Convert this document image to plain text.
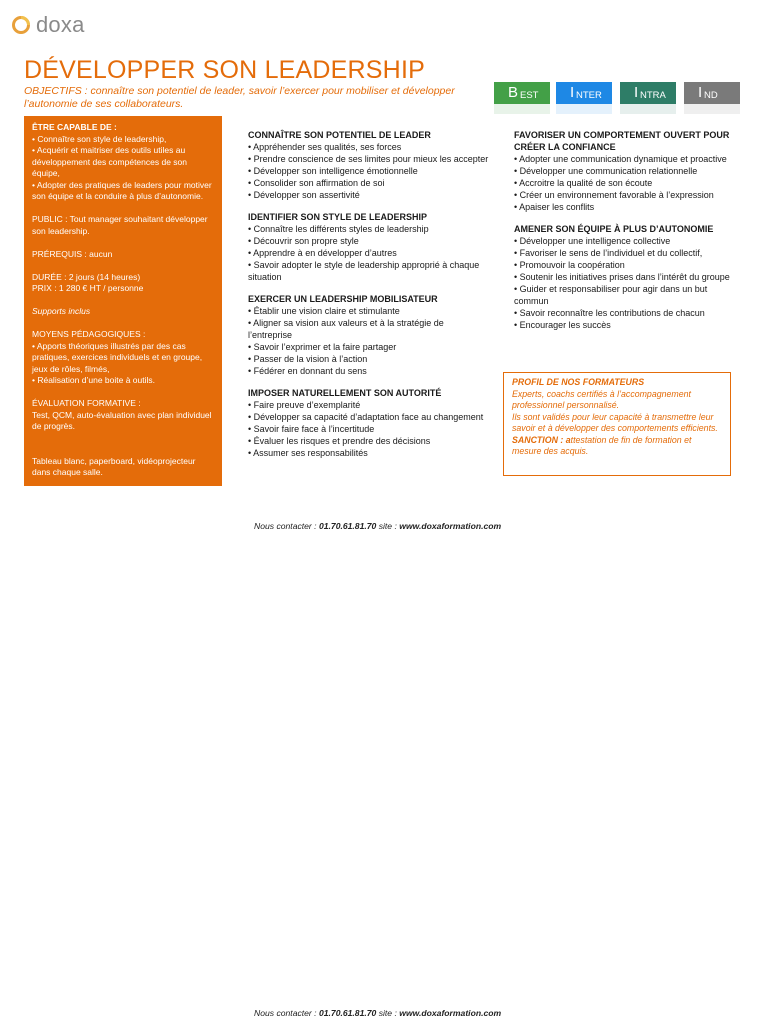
doxa
DÉVELOPPER SON LEADERSHIP
OBJECTIFS : connaître son potentiel de leader, savoir l’exercer pour mobiliser et développer l’autonomie de ses collaborateurs.
B EST I NTER I NTRA I ND
ÊTRE CAPABLE DE :
• Connaître son style de leadership,
• Acquérir et maitriser des outils utiles au développement des compétences de son équipe,
• Adopter des pratiques de leaders pour motiver son équipe et la conduire à plus d’autonomie.
PUBLIC : Tout manager souhaitant développer son leadership.
PRÉREQUIS : aucun
DURÉE : 2 jours (14 heures)
PRIX : 1 280 € HT / personne
Supports inclus
MOYENS PÉDAGOGIQUES :
• Apports théoriques illustrés par des cas pratiques, exercices individuels et en groupe, jeux de rôles, filmés,
• Réalisation d’une boite à outils.
ÉVALUATION FORMATIVE :
Test, QCM, auto-évaluation avec plan individuel de progrès.
Tableau blanc, paperboard, vidéoprojecteur dans chaque salle.
CONNAÎTRE SON POTENTIEL DE LEADER
• Appréhender ses qualités, ses forces
• Prendre conscience de ses limites pour mieux les accepter
• Développer son intelligence émotionnelle
• Consolider son affirmation de soi
• Développer son assertivité
IDENTIFIER SON STYLE DE LEADERSHIP
• Connaître les différents styles de leadership
• Découvrir son propre style
• Apprendre à en développer d’autres
• Savoir adopter le style de leadership approprié à chaque
situation
EXERCER UN LEADERSHIP MOBILISATEUR
• Établir une vision claire et stimulante
• Aligner sa vision aux valeurs et à la stratégie de
l’entreprise
• Savoir l’exprimer et la faire partager
• Passer de la vision à l’action
• Fédérer en donnant du sens
IMPOSER NATURELLEMENT SON AUTORITÉ
• Faire preuve d’exemplarité
• Développer sa capacité d’adaptation face au changement
• Savoir faire face à l’incertitude
• Évaluer les risques et prendre des décisions
• Assumer ses responsabilités
FAVORISER UN COMPORTEMENT OUVERT POUR CRÉER LA CONFIANCE
• Adopter une communication dynamique et proactive
• Développer une communication relationnelle
• Accroitre la qualité de son écoute
• Créer un environnement favorable à l’expression
• Apaiser les conflits
AMENER SON ÉQUIPE À PLUS D’AUTONOMIE
• Développer une intelligence collective
• Favoriser le sens de l’individuel et du collectif,
• Promouvoir la coopération
• Soutenir les initiatives prises dans l’intérêt du groupe
• Guider et responsabiliser pour agir dans un but commun
• Savoir reconnaître les contributions de chacun
• Encourager les succès
PROFIL DE NOS FORMATEURS
Experts, coachs certifiés à l’accompagnement professionnel personnalisé.
Ils sont validés pour leur capacité à transmettre leur savoir et à développer des comportements efficients.
SANCTION : attestation de fin de formation et mesure des acquis.
Nous contacter : 01.70.61.81.70 site : www.doxaformation.com
Nous contacter : 01.70.61.81.70 site : www.doxaformation.com
